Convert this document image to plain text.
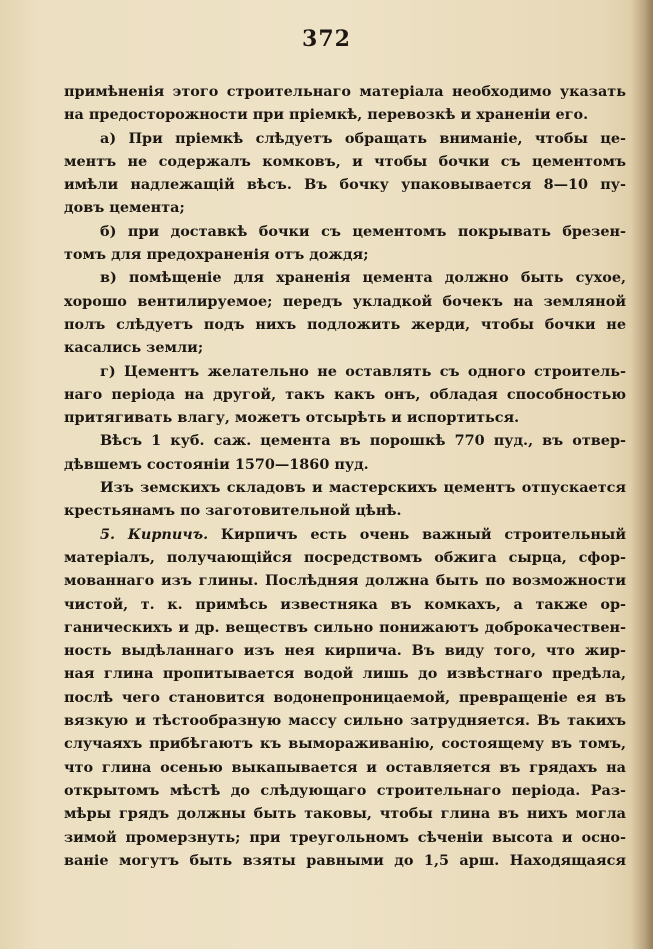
372
примѣненія этого строительнаго матеріала необходимо указать
на предосторожности при пріемкѣ, перевозкѣ и храненіи его.
а) При пріемкѣ слѣдуетъ обращать вниманіе, чтобы це-
ментъ не содержалъ комковъ, и чтобы бочки съ цементомъ
имѣли надлежащій вѣсъ. Въ бочку упаковывается 8—10 пу-
довъ цемента;
б) при доставкѣ бочки съ цементомъ покрывать брезен-
томъ для предохраненія отъ дождя;
в) помѣщеніе для храненія цемента должно быть сухое,
хорошо вентилируемое; передъ укладкой бочекъ на земляной
полъ слѣдуетъ подъ нихъ подложить жерди, чтобы бочки не
касались земли;
г) Цементъ желательно не оставлять съ одного строитель-
наго періода на другой, такъ какъ онъ, обладая способностью
притягивать влагу, можетъ отсырѣть и испортиться.
Вѣсъ 1 куб. саж. цемента въ порошкѣ 770 пуд., въ отвер-
дѣвшемъ состояніи 1570—1860 пуд.
Изъ земскихъ складовъ и мастерскихъ цементъ отпускается
крестьянамъ по заготовительной цѣнѣ.
5. Кирпичъ. Кирпичъ есть очень важный строительный
матеріалъ, получающійся посредствомъ обжига сырца, сфор-
мованнаго изъ глины. Послѣдняя должна быть по возможности
чистой, т. к. примѣсь известняка въ комкахъ, а также ор-
ганическихъ и др. веществъ сильно понижаютъ доброкачествен-
ность выдѣланнаго изъ нея кирпича. Въ виду того, что жир-
ная глина пропитывается водой лишь до извѣстнаго предѣла,
послѣ чего становится водонепроницаемой, превращеніе ея въ
вязкую и тѣстообразную массу сильно затрудняется. Въ такихъ
случаяхъ прибѣгаютъ къ вымораживанію, состоящему въ томъ,
что глина осенью выкапывается и оставляется въ грядахъ на
открытомъ мѣстѣ до слѣдующаго строительнаго періода. Раз-
мѣры грядъ должны быть таковы, чтобы глина въ нихъ могла
зимой промерзнуть; при треугольномъ сѣченіи высота и осно-
ваніе могутъ быть взяты равными до 1,5 арш. Находящаяся
